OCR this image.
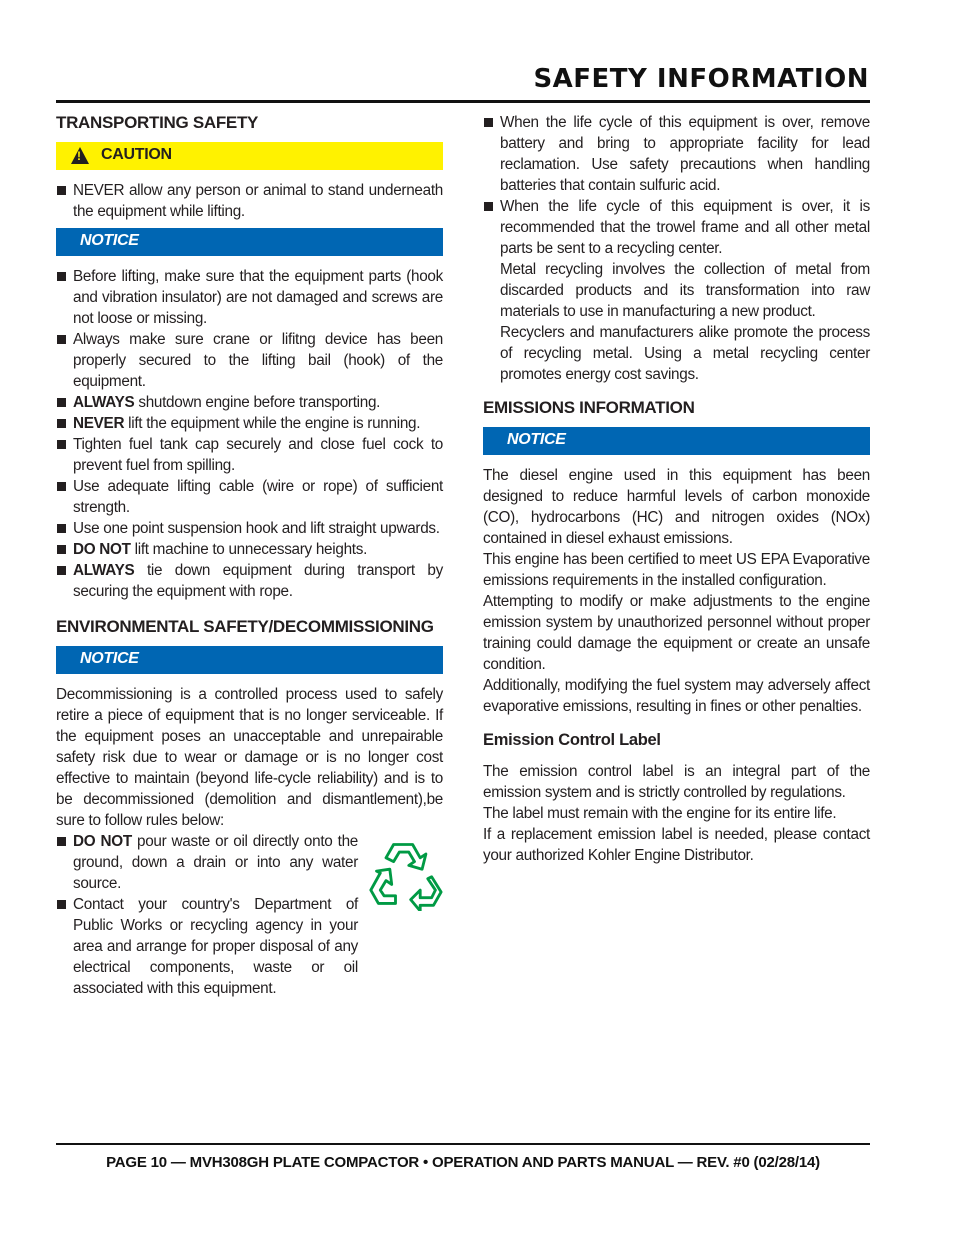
SAFETY INFORMATION
TRANSPORTING SAFETY
!
CAUTION

NEVER allow any person or animal to stand underneath the equipment while lifting.

NOTICE

Before lifting, make sure that the equipment parts (hook and vibration insulator) are not damaged and screws are not loose or missing.

Always make sure crane or lifitng device has been properly secured to the lifting bail (hook) of the equipment.

ALWAYS shutdown engine before transporting.

NEVER lift the equipment while the engine is running.

Tighten fuel tank cap securely and close fuel cock to prevent fuel from spilling.

Use adequate lifting cable (wire or rope) of sufficient strength.

Use one point suspension hook and lift straight upwards.

DO NOT lift machine to unnecessary heights.

ALWAYS tie down equipment during transport by securing the equipment with rope.

ENVIRONMENTAL SAFETY/DECOMMISSIONING
NOTICE

Decommissioning is a controlled process used to safely retire a piece of equipment that is no longer serviceable. If the equipment poses an unacceptable and unrepairable safety risk due to wear or damage or is no longer cost effective to maintain (beyond life-cycle reliability) and is to be decommissioned (demolition and dismantlement),be sure to follow rules below:

DO NOT pour waste or oil directly onto the ground, down a drain or into any water source.

Contact your country's Department of Public Works or recycling agency in your area and arrange for proper disposal of any electrical components, waste or oil associated with this equipment.

When the life cycle of this equipment is over, remove battery and bring to appropriate facility for lead reclamation. Use safety precautions when handling batteries that contain sulfuric acid.

When the life cycle of this equipment is over, it is recommended that the trowel frame and all other metal parts be sent to a recycling center.

Metal recycling involves the collection of metal from discarded products and its transformation into raw materials to use in manufacturing a new product.

Recyclers and manufacturers alike promote the process of recycling metal. Using a metal recycling center promotes energy cost savings.

EMISSIONS INFORMATION
NOTICE

The diesel engine used in this equipment has been designed to reduce harmful levels of carbon monoxide (CO), hydrocarbons (HC) and nitrogen oxides (NOx) contained in diesel exhaust emissions.

This engine has been certified to meet US EPA Evaporative emissions requirements in the installed configuration.

Attempting to modify or make adjustments to the engine emission system by unauthorized personnel without proper training could damage the equipment or create an unsafe condition.

Additionally, modifying the fuel system may adversely affect evaporative emissions, resulting in fines or other penalties.

Emission Control Label

The emission control label is an integral part of the emission system and is strictly controlled by regulations.

The label must remain with the engine for its entire life.

If a replacement emission label is needed, please contact your authorized Kohler Engine Distributor.

PAGE 10 — MVH308GH PLATE COMPACTOR • OPERATION AND PARTS MANUAL — REV. #0 (02/28/14)
